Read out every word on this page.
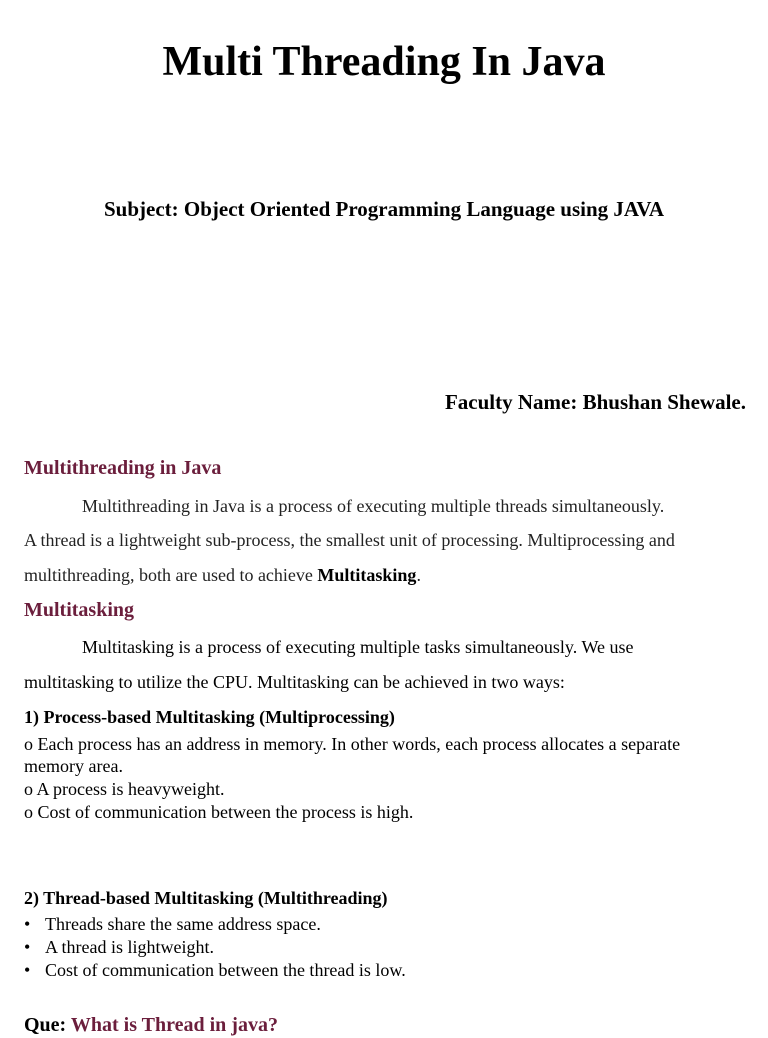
Multi Threading In Java
Subject: Object Oriented Programming Language using JAVA
Faculty Name: Bhushan Shewale.
Multithreading in Java
Multithreading in Java is a process of executing multiple threads simultaneously.
A thread is a lightweight sub-process, the smallest unit of processing. Multiprocessing and
multithreading, both are used to achieve Multitasking.
Multitasking
Multitasking is a process of executing multiple tasks simultaneously. We use
multitasking to utilize the CPU. Multitasking can be achieved in two ways:
1) Process-based Multitasking (Multiprocessing)
o Each process has an address in memory. In other words, each process allocates a separate
memory area.
o A process is heavyweight.
o Cost of communication between the process is high.
2) Thread-based Multitasking (Multithreading)
• Threads share the same address space.
• A thread is lightweight.
• Cost of communication between the thread is low.
Que: What is Thread in java?
